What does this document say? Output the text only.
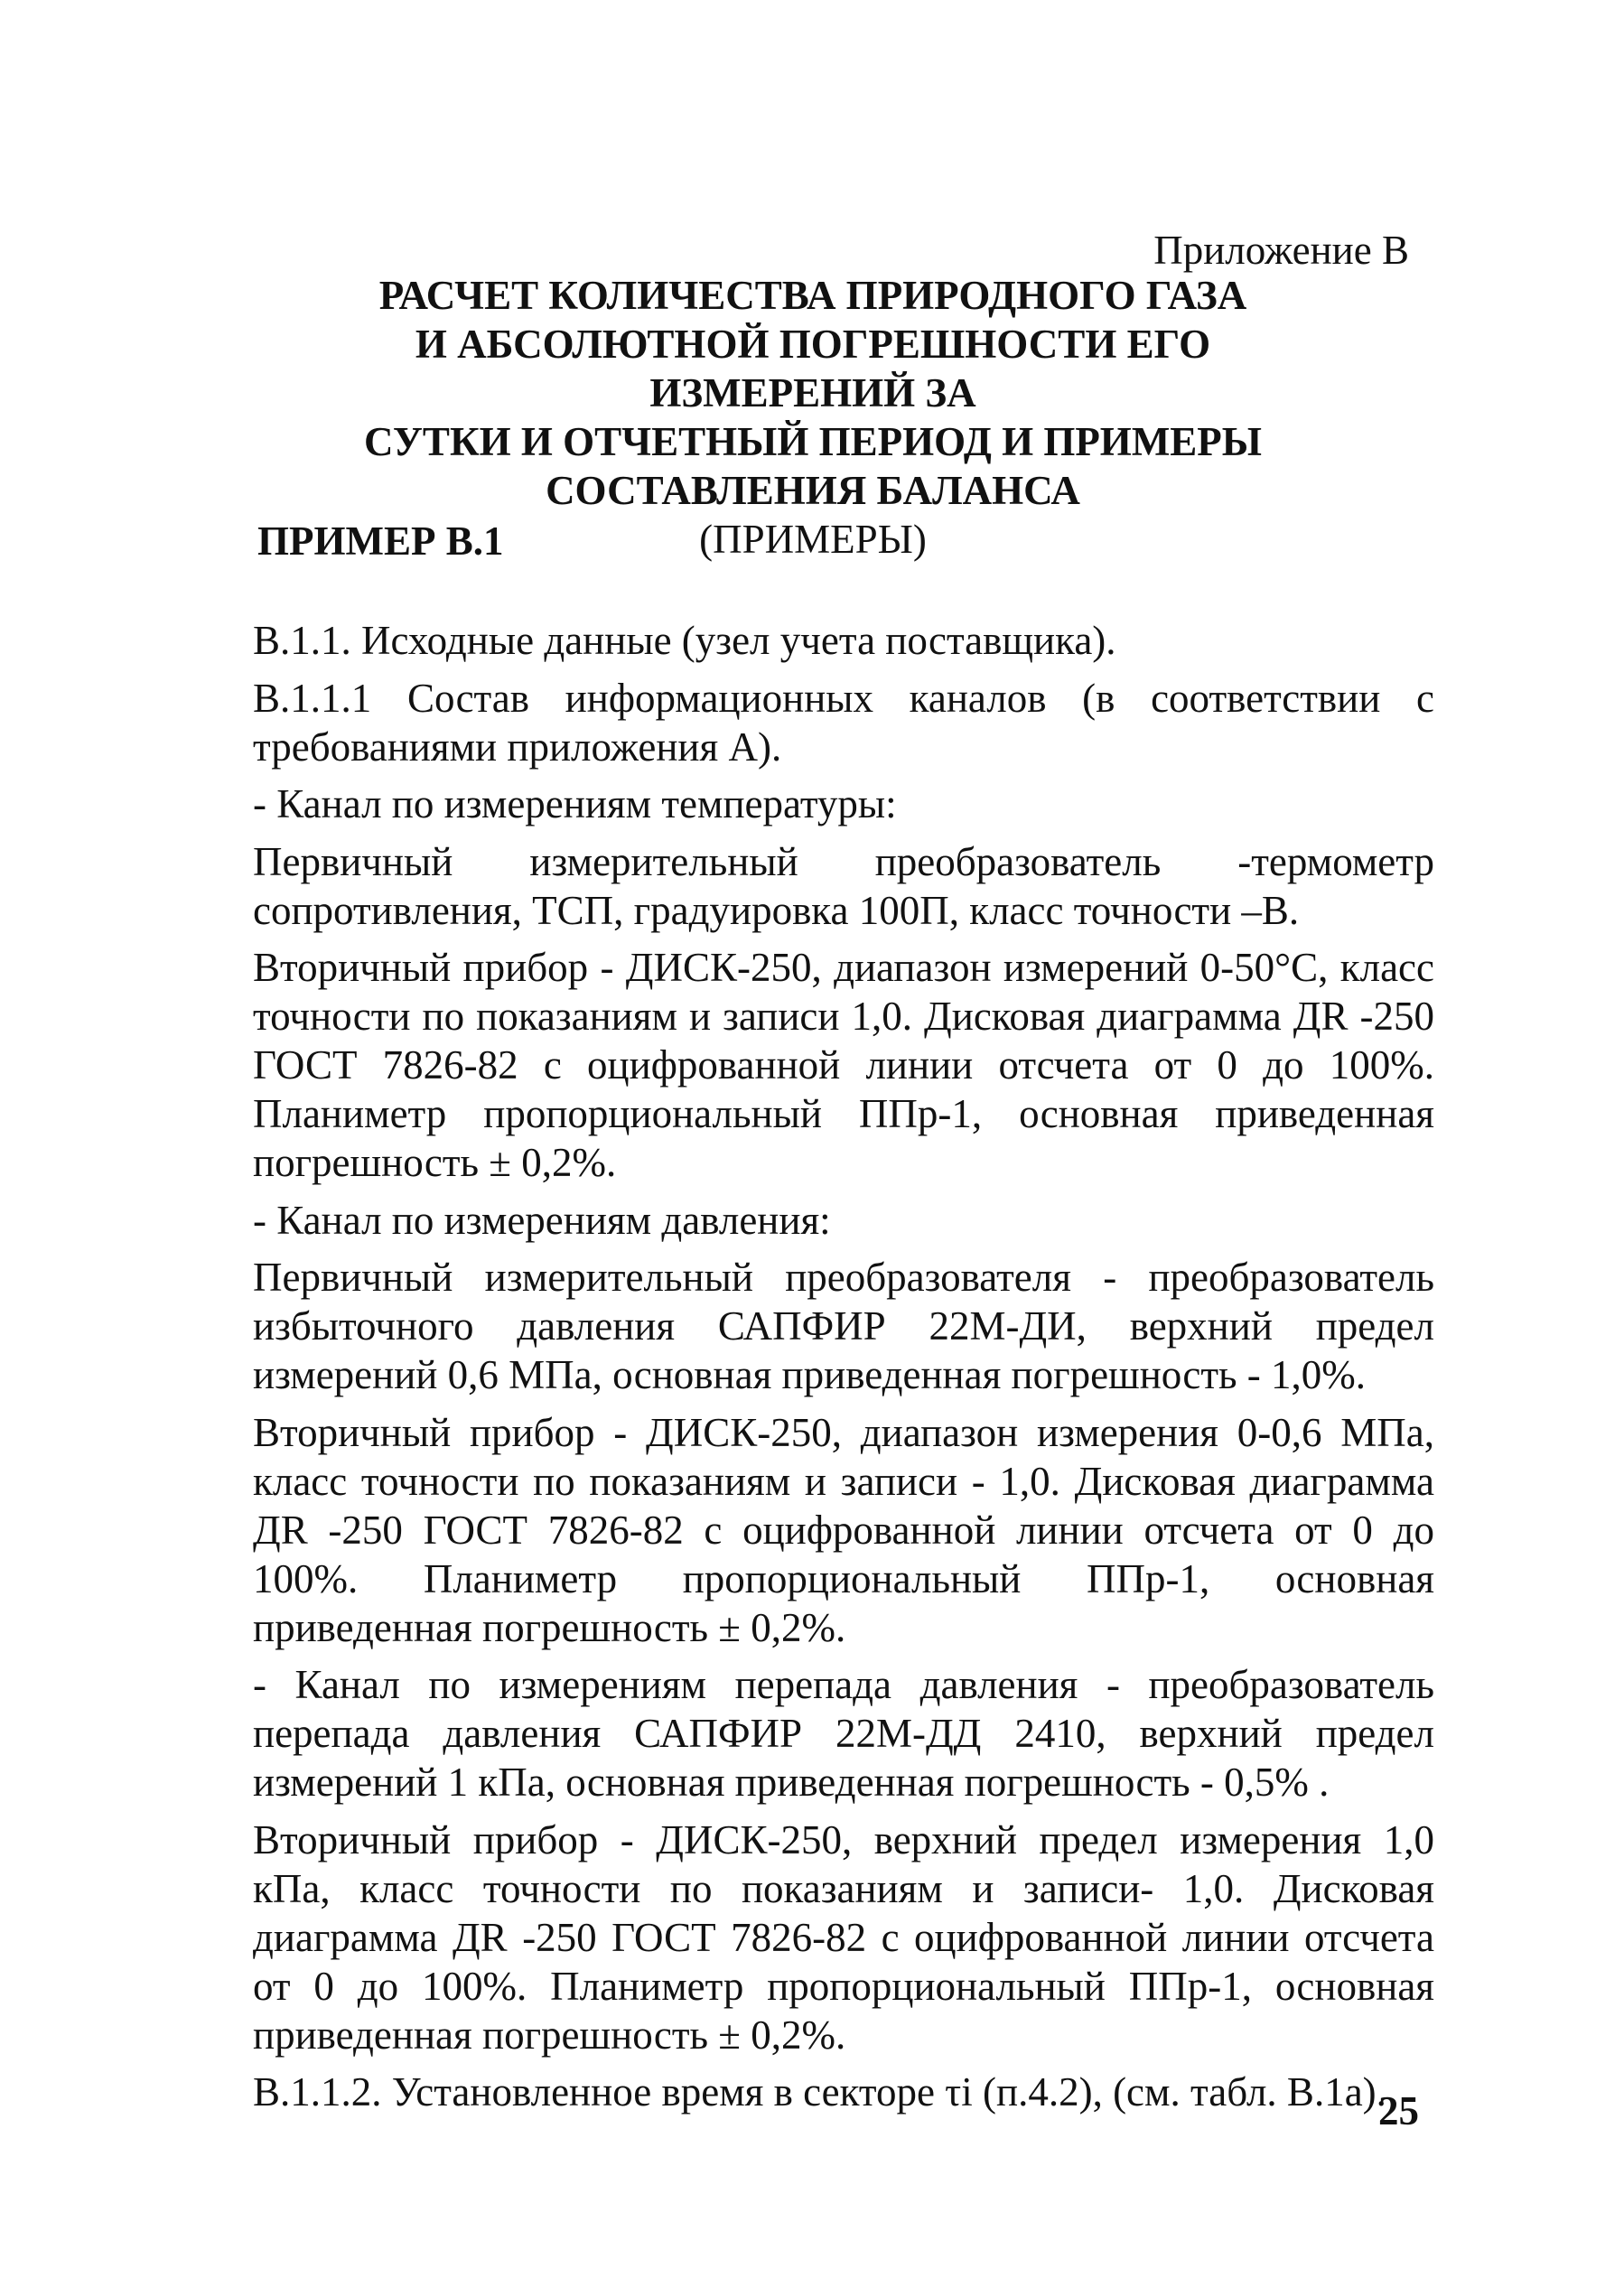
Приложение В

РАСЧЕТ КОЛИЧЕСТВА ПРИРОДНОГО ГАЗА
И АБСОЛЮТНОЙ ПОГРЕШНОСТИ ЕГО ИЗМЕРЕНИЙ ЗА
СУТКИ И ОТЧЕТНЫЙ ПЕРИОД И ПРИМЕРЫ
СОСТАВЛЕНИЯ БАЛАНСА
(ПРИМЕРЫ)
ПРИМЕР В.1

В.1.1. Исходные данные (узел учета поставщика).

В.1.1.1 Состав информационных каналов (в соответствии с требованиями приложения А).

- Канал по измерениям температуры:

Первичный измерительный преобразователь -термометр сопротивления, ТСП, градуировка 100П, класс точности –В.

Вторичный прибор - ДИСК-250, диапазон измерений 0-50°С, класс точности по показаниям и записи 1,0. Дисковая диаграмма ДR -250 ГОСТ 7826-82 с оцифрованной линии отсчета от 0 до 100%. Планиметр пропорциональный ППр-1, основная приведенная погрешность ± 0,2%.

- Канал по измерениям давления:

Первичный измерительный преобразователя - преобразователь избыточного давления САПФИР 22М-ДИ, верхний предел измерений 0,6 МПа, основная приведенная погрешность - 1,0%.

Вторичный прибор - ДИСК-250, диапазон измерения 0-0,6 МПа, класс точности по показаниям и записи - 1,0. Дисковая диаграмма ДR -250 ГОСТ 7826-82 с оцифрованной линии отсчета от 0 до 100%. Планиметр пропорциональный ППр-1, основная приведенная погрешность ± 0,2%.

- Канал по измерениям перепада давления - преобразователь перепада давления САПФИР 22М-ДД 2410, верхний предел измерений 1 кПа, основная приведенная погрешность - 0,5% .

Вторичный прибор - ДИСК-250, верхний предел измерения 1,0 кПа, класс точности по показаниям и записи- 1,0. Дисковая диаграмма ДR -250 ГОСТ 7826-82 с оцифрованной линии отсчета от 0 до 100%. Планиметр пропорциональный ППр-1, основная приведенная погрешность ± 0,2%.

В.1.1.2. Установленное время в секторе τi (п.4.2), (см. табл. В.1а).

25
